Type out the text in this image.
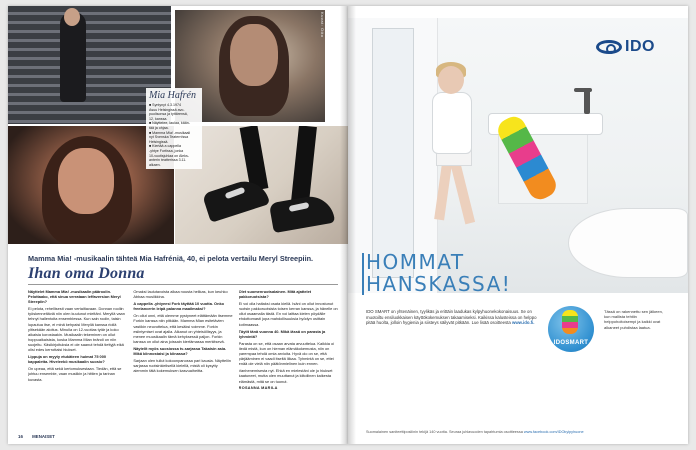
Kuvat: Otto
Mia Hafrén
■ Syntynyt 4.3.1974
Asuu Helsingissä avo-
puolisonsa ja tyttärensä,
12, kanssa.
■ Näyttelee, laulaa, kään-
tää ja ohjaa.
■ Mamma Mia! -musikaali
nyt Svenska Teatern!ssa
Helsingissä.
■ Kiertää a cappella
-yhtye Fortissa, jonka
10-vuotisjuhlaa on Aleks-
anterin teatterissa 3.11.
alkaen.
Mamma Mia! -musikaalin tähteä Mia Hafréniä, 40, ei pelota vertailu Meryl Streepiin.
Ihan oma Donna

Näyttelet Mamma Mia! -musikaalin pääroolin. Pelottaako, että sinua verrataan leffaversion Meryl Streepiin?

Ei pelota, rehellisesti vaan vertailtavaan. Donnan rooliin työskenneltäviä niin olen kuulunut mieltäni. Meryliä vaan tehnyt hallentoita ensemblessa. Kun sain roolin, taisin lupautua itse, ei minä kehpaisi Meryliä kanssa rioliä ylitsekään aloitus. Minulla on 12-vuotias tytär ja koko aikaisia korostaakin. Musikaalin tekeminen on ollut hoppuaikaisista, koska Mamma Mian brändi on niin suojeltu. Käsikirjoituksia ei ole saanut tehdä tiettyjä eikä olisi edes kerrottaisi hiukset.

Lippuja on myyty etukäteen huimat 75 000 kappaletta. Hiveleekö musikaalin suosio?

On upeaa, että sekä kertomuksestaan. Tiedän, että se johtuu ensemble, vaan musiikin ja hittien ja tarinan kuvasta.

Omaksi laulutavoista alkaa nousta helikas, kun keuhko Abbaa musiikkina.

A cappella -yhtyeesi Fork täyttää 10 vuotta. Onko freelancerin leipä palanna maailmaksi?

On ollut onni, että olemme pystyneet elättämään itsemme Forkin kanssa niin pitkään. Mamma Mian esitetävien vastikin neuvottelua, että kesäksi voimme. Forkin esiintymiset ovat ajalla. Alkanut on yhteisöllisyys, ja menee muusikaalin tämä kehyksessä paljon. Forkin kanssa on ollut aina joissain kiertämassa merkitsevä.

Näytelit myös suosiossa tv-sarjassa Takaisin asia. Mikä kiinnostaisi ja kiinassa?

Sarjaan olen tullut kokoonpanossa pari kausia. Näytteliin sarjassa ruotsinkielisellä kielellä, mistä oli kysytty aiemmin tätä kokemuksen kasvuaiheitta.

Olet suomenruotsalainen. Mitä ajattelet pakkoruotsista?

Ei voi olla haitaksi osata kieliä. Isäni on ollut innostunut ruotsin pakkoruotsista toisen kerran kanssa, ja hänelle on ollut osaamalla tästä. En voi laittaa kielen pöydälle ehdottomasti jopa mahdollisuuksia hyödyn osittain kotimaassa.

Täytit tänä vuonna 40. Mikä iässä on parasta ja tyhmintä?

Parasta on se, että osaan arvata arvuuttelua. Kaikkia oi tiedä mistä, kun on hieman elämäkokemusta, niin on parempaa tehdä omia arvioita. Hyvä olo on se, että pärjääminen ei vaadi itseltä liikaa. Tyhmintä on se, ettei enää ole vielä niin päätönmielinen kuin ennen.

Vanhenemisesta nyt. Ehkä en mielestäni ole jo hiukset kaatuneet, mutta olen muuttanut ja kiitollinen kaikesta elämästä, mitä se on tuonut.

ROSANNA MARILA
16 MENAISET
IDO
HOMMAT
HANSKASSA!
IDO SMART on yhtenäinen, tyylikäs ja erittäin laadukas kylpyhuonekokonaisuus. Se on muotoiltu ensiluokkaisen käyttökokemuksen takaamiseksi. Kaikissa kalusteissa on helppo pitää huolta, jolloin hygienia ja siisteys säilyvät pitkään. Lue lisää osoitteesta www.ido.fi.
IDOSMART
Tässä on rakennettu sen jälkeen, kun mallista tehtiin helppohoitoisempi ja kaikki ovat alkaneet puhdistaa laatua.
Suomalainen saniteettiposliinin tekijä 140 vuotta. Seuraa juhlavuoden tapahtumia osoitteessa www.facebook.com/IDOkylpyhuone
